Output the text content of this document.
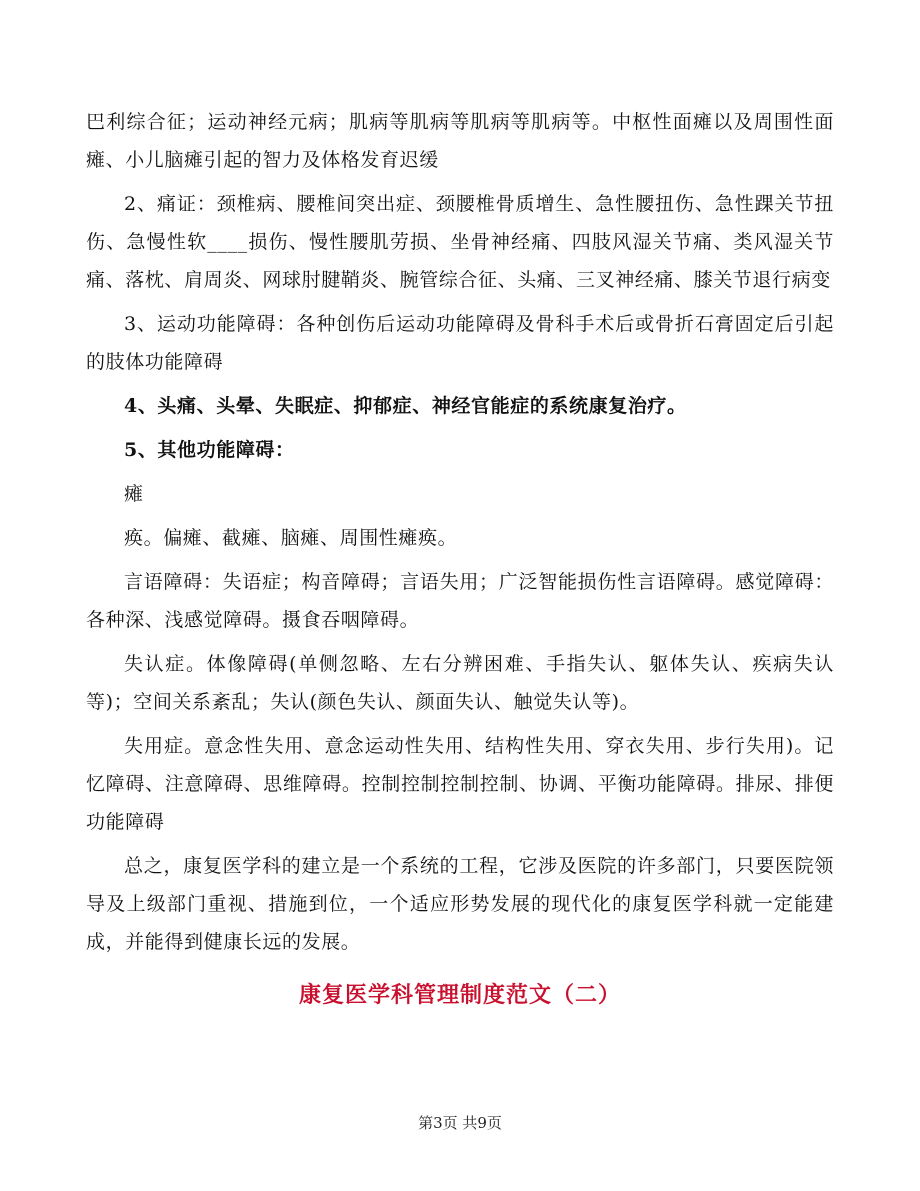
巴利综合征；运动神经元病；肌病等肌病等肌病等肌病等。中枢性面瘫以及周围性面瘫、小儿脑瘫引起的智力及体格发育迟缓

2、痛证：颈椎病、腰椎间突出症、颈腰椎骨质增生、急性腰扭伤、急性踝关节扭伤、急慢性软____损伤、慢性腰肌劳损、坐骨神经痛、四肢风湿关节痛、类风湿关节痛、落枕、肩周炎、网球肘腱鞘炎、腕管综合征、头痛、三叉神经痛、膝关节退行病变

3、运动功能障碍：各种创伤后运动功能障碍及骨科手术后或骨折石膏固定后引起的肢体功能障碍

4、头痛、头晕、失眠症、抑郁症、神经官能症的系统康复治疗。

5、其他功能障碍：

瘫

痪。偏瘫、截瘫、脑瘫、周围性瘫痪。

言语障碍：失语症；构音障碍；言语失用；广泛智能损伤性言语障碍。感觉障碍：各种深、浅感觉障碍。摄食吞咽障碍。

失认症。体像障碍(单侧忽略、左右分辨困难、手指失认、躯体失认、疾病失认等)；空间关系紊乱；失认(颜色失认、颜面失认、触觉失认等)。

失用症。意念性失用、意念运动性失用、结构性失用、穿衣失用、步行失用)。记忆障碍、注意障碍、思维障碍。控制控制控制控制、协调、平衡功能障碍。排尿、排便功能障碍

总之，康复医学科的建立是一个系统的工程，它涉及医院的许多部门，只要医院领导及上级部门重视、措施到位，一个适应形势发展的现代化的康复医学科就一定能建成，并能得到健康长远的发展。

康复医学科管理制度范文（二）
第3页 共9页
